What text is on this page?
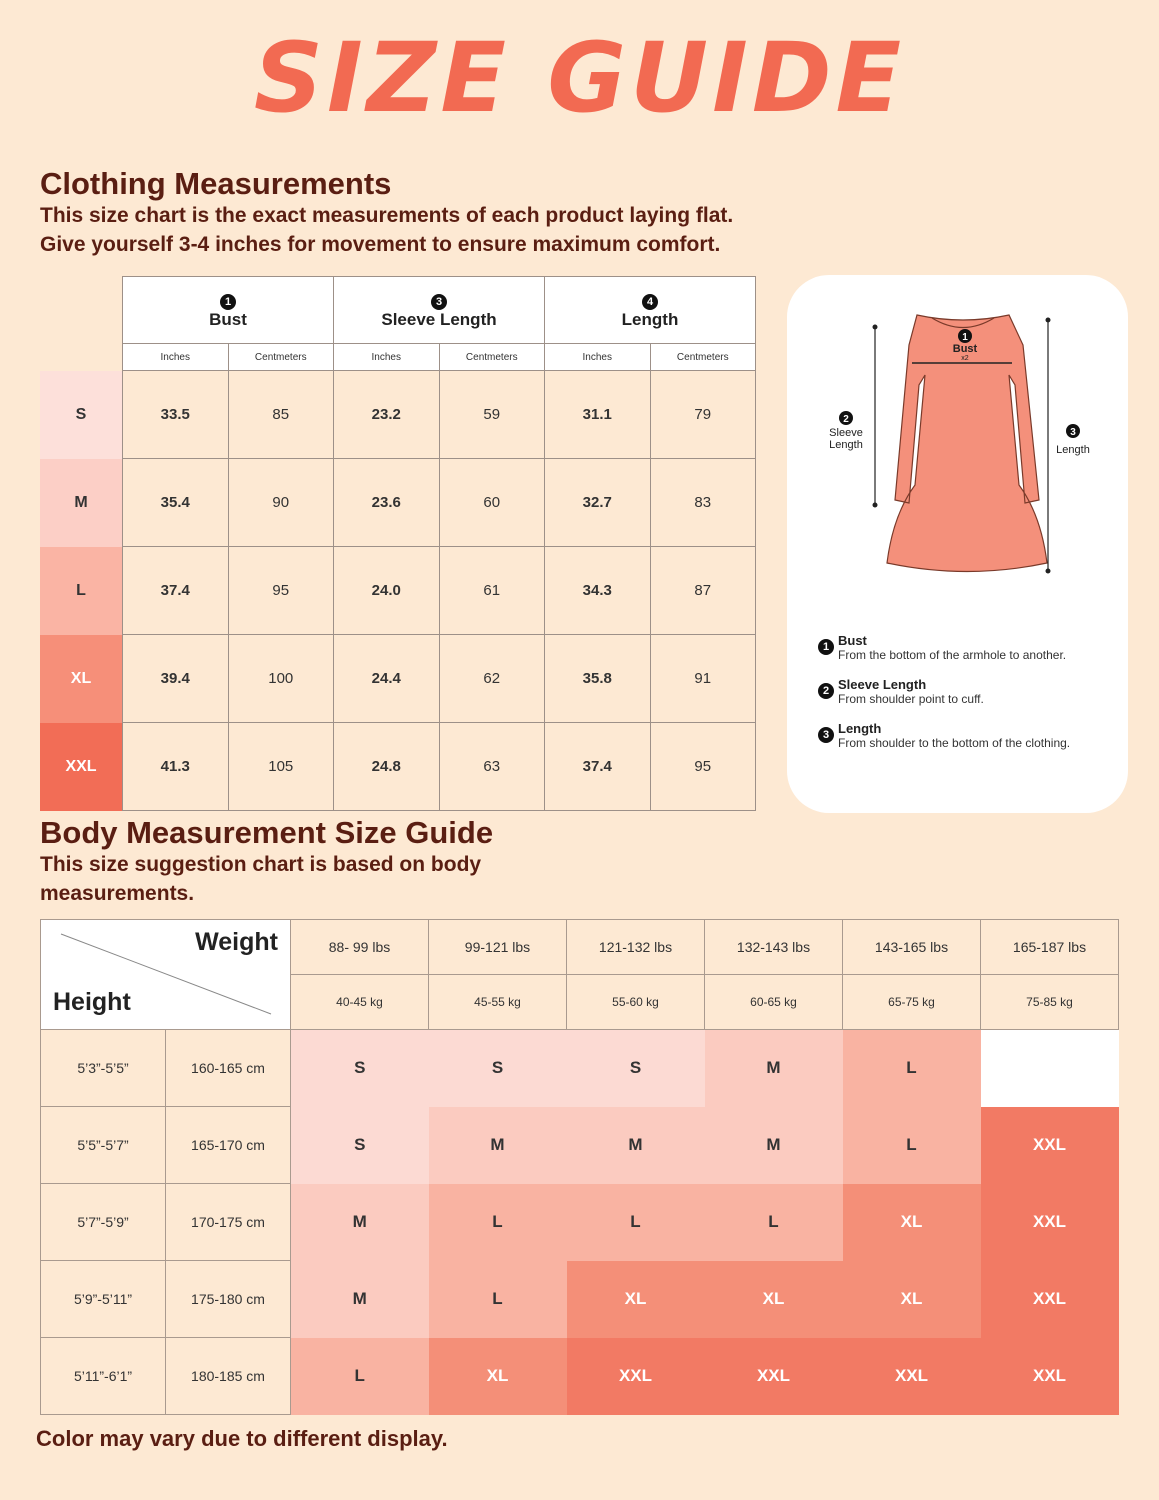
SIZE GUIDE
Clothing Measurements
This size chart is the exact measurements of each product laying flat.
Give yourself 3-4 inches for movement to ensure maximum comfort.
	1
Bust		3
Sleeve Length		4
Length	
	Inches	Centmeters	Inches	Centmeters	Inches	Centmeters
S	33.5	85	23.2	59	31.1	79
M	35.4	90	23.6	60	32.7	83
L	37.4	95	24.0	61	34.3	87
XL	39.4	100	24.4	62	35.8	91
XXL	41.3	105	24.8	63	37.4	95
1
Bust
x2
2
Sleeve
Length
3
Length
1 Bust
From the bottom of the armhole to another.
2 Sleeve Length
From shoulder point to cuff.
3 Length
From shoulder to the bottom of the clothing.
Body Measurement Size Guide
This size suggestion chart is based on body
measurements.
Weight
Height		88- 99 lbs	99-121 lbs	121-132 lbs	132-143 lbs	143-165 lbs	165-187 lbs
		40-45 kg	45-55 kg	55-60 kg	60-65 kg	65-75 kg	75-85 kg
5’3”-5’5”	160-165 cm	S	S	S	M	L	
5’5”-5’7”	165-170 cm	S	M	M	M	L	XXL
5’7”-5’9”	170-175 cm	M	L	L	L	XL	XXL
5’9”-5’11”	175-180 cm	M	L	XL	XL	XL	XXL
5’11”-6’1”	180-185 cm	L	XL	XXL	XXL	XXL	XXL
Color may vary due to different display.
